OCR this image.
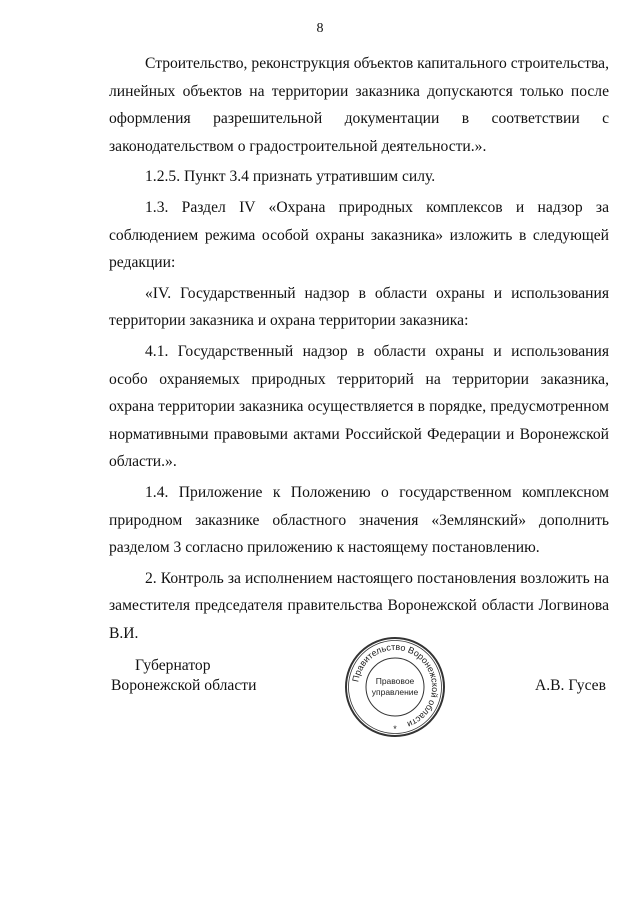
8

Строительство, реконструкция объектов капитального строительства, линейных объектов на территории заказника допускаются только после оформления разрешительной документации в соответствии с законодательством о градостроительной деятельности.».

1.2.5. Пункт 3.4 признать утратившим силу.

1.3. Раздел IV «Охрана природных комплексов и надзор за соблюдением режима особой охраны заказника» изложить в следующей редакции:

«IV. Государственный надзор в области охраны и использования территории заказника и охрана территории заказника:

4.1. Государственный надзор в области охраны и использования особо охраняемых природных территорий на территории заказника, охрана территории заказника осуществляется в порядке, предусмотренном нормативными правовыми актами Российской Федерации и Воронежской области.».

1.4. Приложение к Положению о государственном комплексном природном заказнике областного значения «Землянский» дополнить разделом 3 согласно приложению к настоящему постановлению.

2. Контроль за исполнением настоящего постановления возложить на заместителя председателя правительства Воронежской области Логвинова В.И.

Губернатор
Воронежской области	А.В. Гусев
Правительство Воронежской области
Правовое
управление
*
